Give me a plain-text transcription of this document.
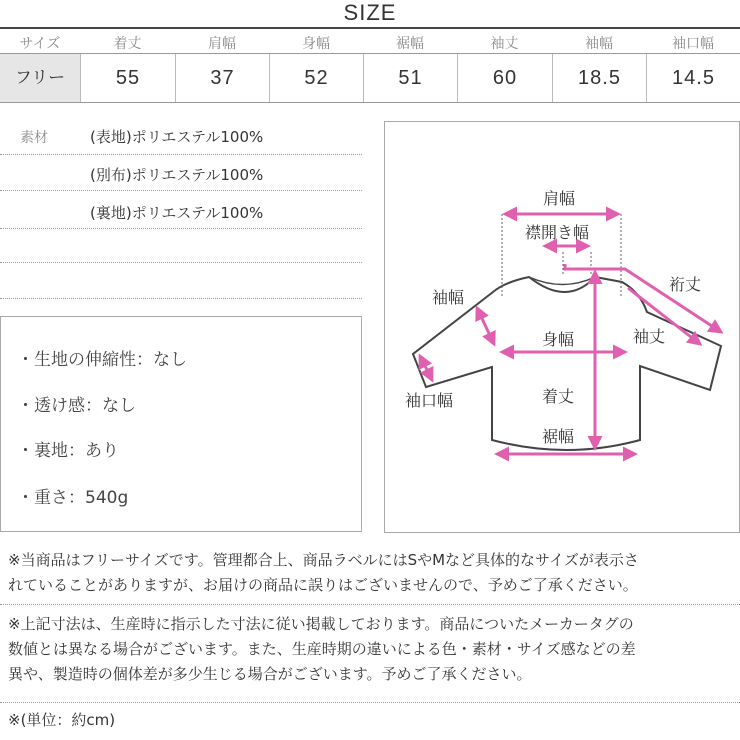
SIZE
サイズ	着丈	肩幅	身幅	裾幅	袖丈	袖幅	袖口幅
フリー	55	37	52	51	60	18.5	14.5
素材	(表地)ポリエステル100%
(別布)ポリエステル100%
(裏地)ポリエステル100%
・生地の伸縮性：なし
・透け感：なし
・裏地：あり
・重さ：540g
肩幅
襟開き幅
袖幅
裄丈
袖丈
身幅
着丈
裾幅
袖口幅
※当商品はフリーサイズです。管理都合上、商品ラベルにはSやMなど具体的なサイズが表示さ
れていることがありますが、お届けの商品に誤りはございませんので、予めご了承ください。
※上記寸法は、生産時に指示した寸法に従い掲載しております。商品についたメーカータグの
数値とは異なる場合がございます。また、生産時期の違いによる色・素材・サイズ感などの差
異や、製造時の個体差が多少生じる場合がございます。予めご了承ください。
※(単位：約cm)
